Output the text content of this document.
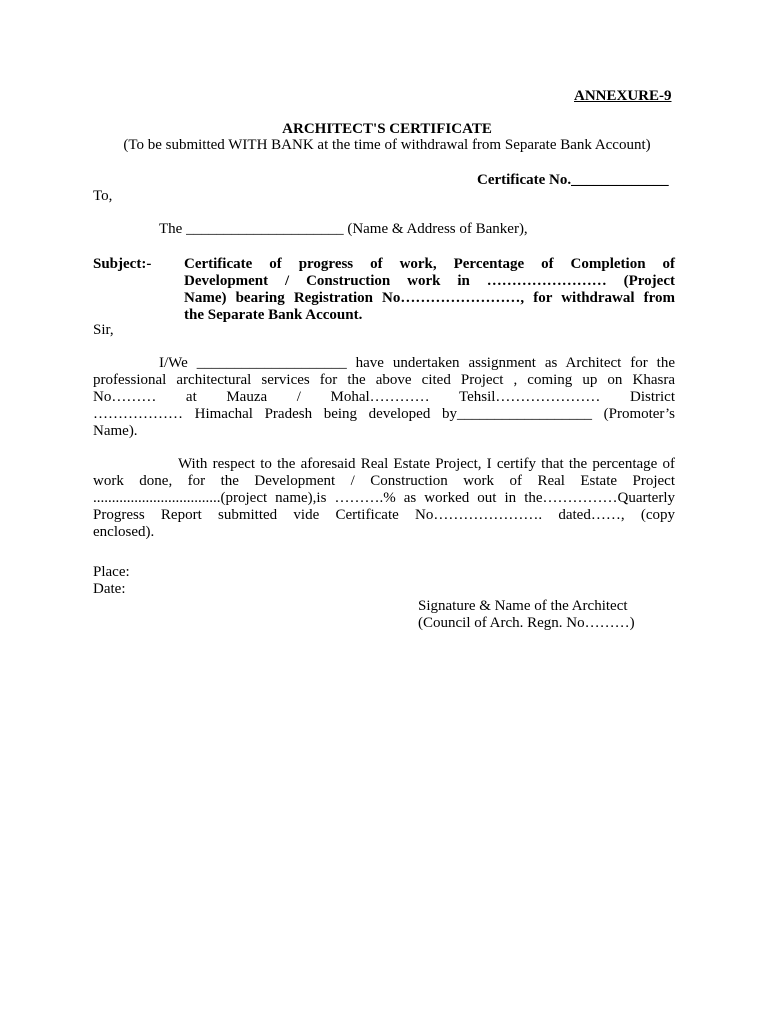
ANNEXURE-9
ARCHITECT'S CERTIFICATE
(To be submitted WITH BANK at the time of withdrawal from Separate Bank Account)
Certificate No._____________
To,
The _____________________ (Name & Address of Banker),
Subject:- Certificate of progress of work, Percentage of Completion of
Development / Construction work in …………………… (Project
Name) bearing Registration No……………………, for withdrawal from
the Separate Bank Account.
Sir,
I/We ____________________ have undertaken assignment as Architect for the
professional architectural services for the above cited Project , coming up on Khasra
No……… at Mauza / Mohal………… Tehsil………………… District
……………… Himachal Pradesh being developed by__________________ (Promoter’s
Name).
With respect to the aforesaid Real Estate Project, I certify that the percentage of
work done, for the Development / Construction work of Real Estate Project
..................................(project name),is ……….% as worked out in the……………Quarterly
Progress Report submitted vide Certificate No…………………. dated……, (copy
enclosed).
Place:
Date:
Signature & Name of the Architect
(Council of Arch. Regn. No………)
